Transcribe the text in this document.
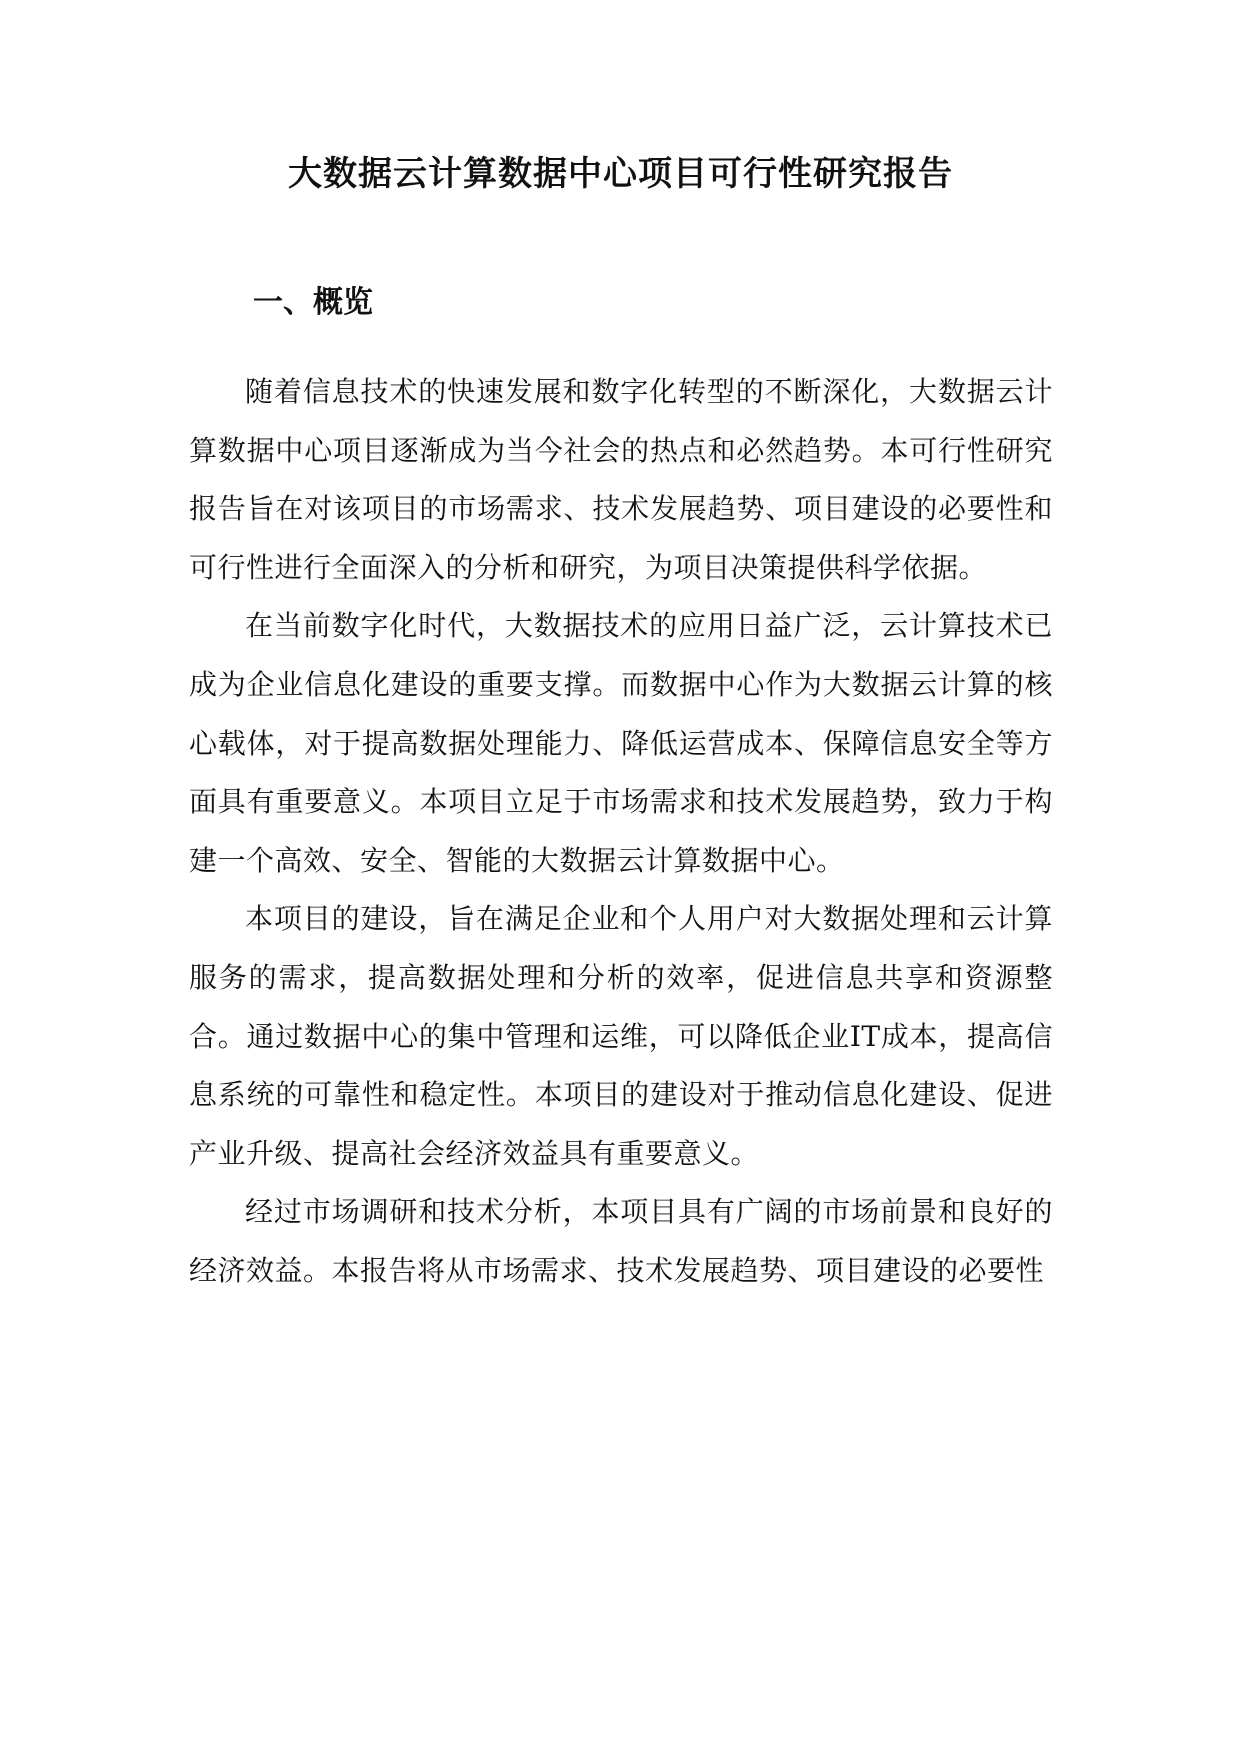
大数据云计算数据中心项目可行性研究报告
一、概览

随着信息技术的快速发展和数字化转型的不断深化，大数据云计算数据中心项目逐渐成为当今社会的热点和必然趋势。本可行性研究报告旨在对该项目的市场需求、技术发展趋势、项目建设的必要性和可行性进行全面深入的分析和研究，为项目决策提供科学依据。

在当前数字化时代，大数据技术的应用日益广泛，云计算技术已成为企业信息化建设的重要支撑。而数据中心作为大数据云计算的核心载体，对于提高数据处理能力、降低运营成本、保障信息安全等方面具有重要意义。本项目立足于市场需求和技术发展趋势，致力于构建一个高效、安全、智能的大数据云计算数据中心。

本项目的建设，旨在满足企业和个人用户对大数据处理和云计算服务的需求，提高数据处理和分析的效率，促进信息共享和资源整合。通过数据中心的集中管理和运维，可以降低企业IT成本，提高信息系统的可靠性和稳定性。本项目的建设对于推动信息化建设、促进产业升级、提高社会经济效益具有重要意义。

经过市场调研和技术分析，本项目具有广阔的市场前景和良好的经济效益。本报告将从市场需求、技术发展趋势、项目建设的必要性
